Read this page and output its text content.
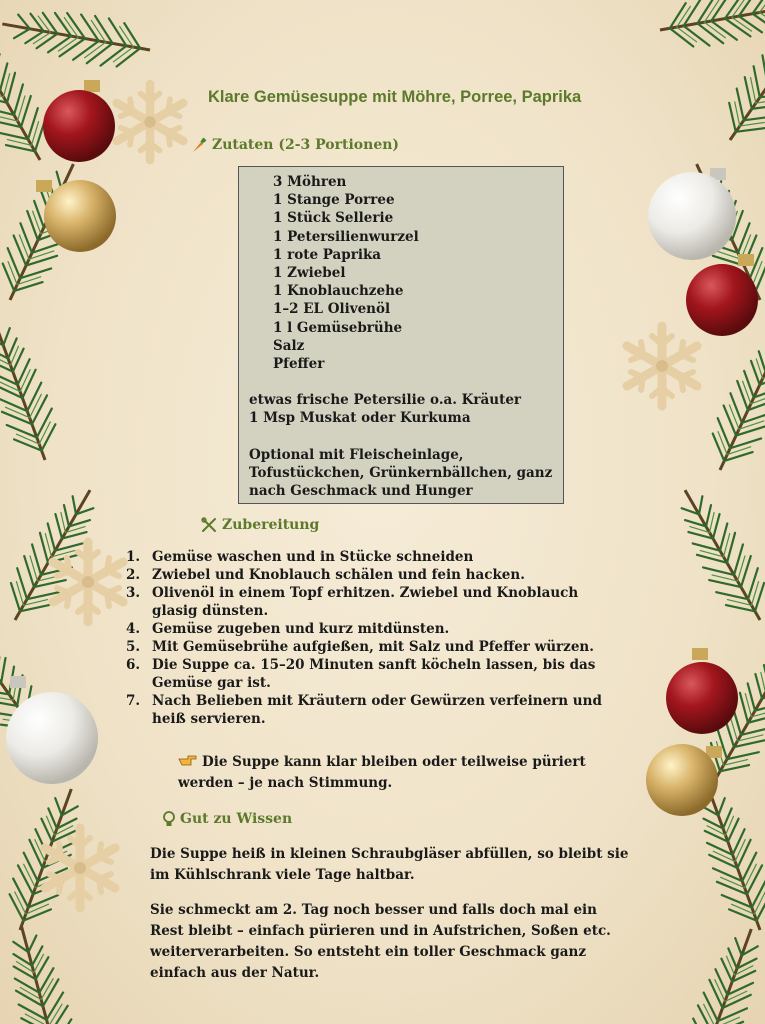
Klare Gemüsesuppe mit Möhre, Porree, Paprika
Zutaten (2-3 Portionen)
3 Möhren
1 Stange Porree
1 Stück Sellerie
1 Petersilienwurzel
1 rote Paprika
1 Zwiebel
1 Knoblauchzehe
1–2 EL Olivenöl
1 l Gemüsebrühe
Salz
Pfeffer

etwas frische Petersilie o.a. Kräuter

1 Msp Muskat oder Kurkuma

Optional mit Fleischeinlage,

Tofustückchen, Grünkernbällchen, ganz

nach Geschmack und Hunger

Zubereitung
1. Gemüse waschen und in Stücke schneiden
2. Zwiebel und Knoblauch schälen und fein hacken.
3. Olivenöl in einem Topf erhitzen. Zwiebel und Knoblauch glasig dünsten.
4. Gemüse zugeben und kurz mitdünsten.
5. Mit Gemüsebrühe aufgießen, mit Salz und Pfeffer würzen.
6. Die Suppe ca. 15–20 Minuten sanft köcheln lassen, bis das Gemüse gar ist.
7. Nach Belieben mit Kräutern oder Gewürzen verfeinern und heiß servieren.
Die Suppe kann klar bleiben oder teilweise püriert werden – je nach Stimmung.
Gut zu Wissen

Die Suppe heiß in kleinen Schraubgläser abfüllen, so bleibt sie im Kühlschrank viele Tage haltbar.

Sie schmeckt am 2. Tag noch besser und falls doch mal ein Rest bleibt – einfach pürieren und in Aufstrichen, Soßen etc. weiterverarbeiten. So entsteht ein toller Geschmack ganz einfach aus der Natur.
